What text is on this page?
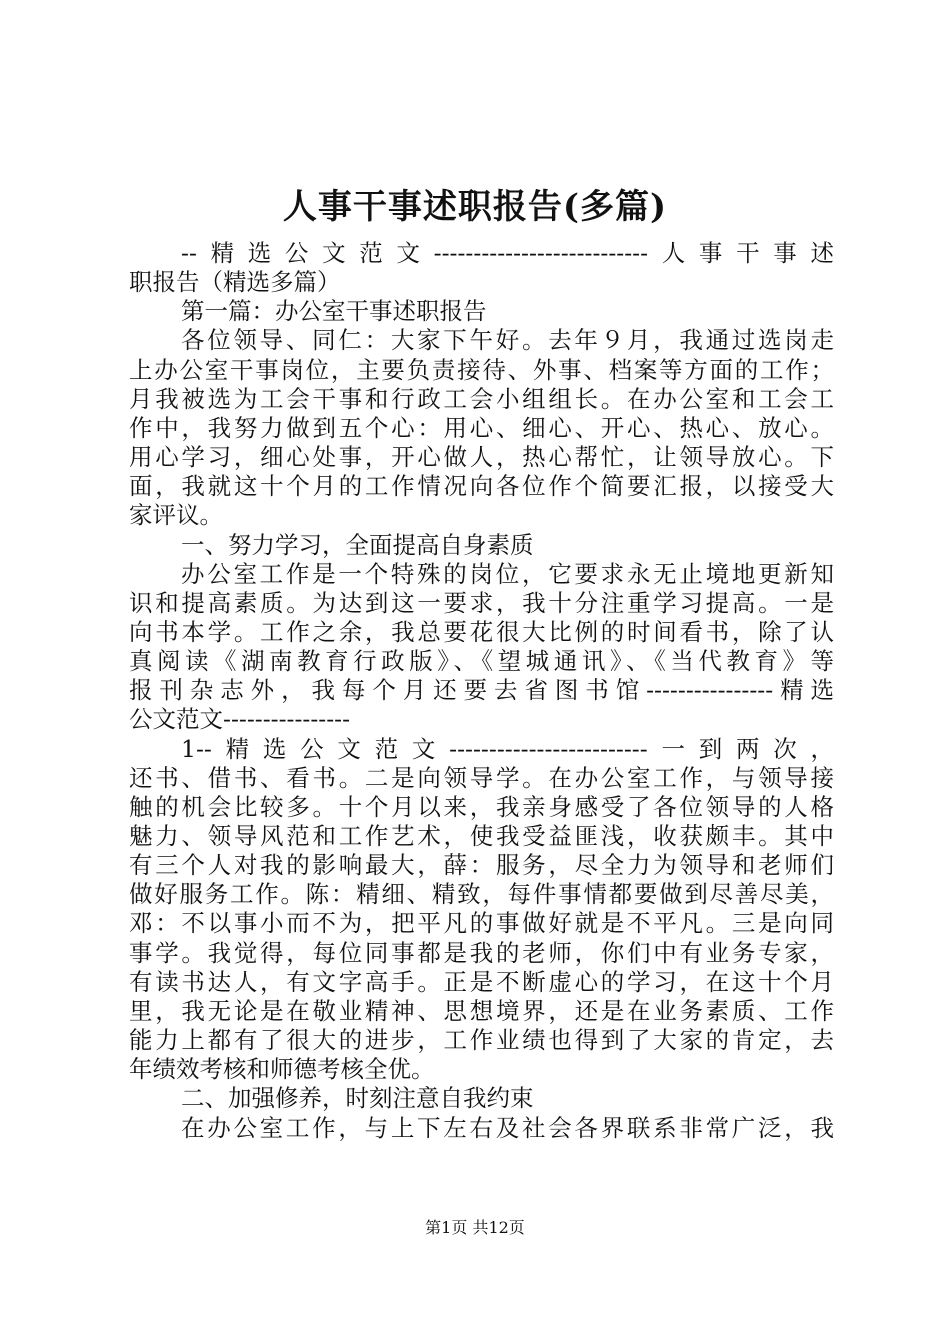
人事干事述职报告(多篇)
--精选公文范文---------------------------人事干事述
职报告（精选多篇）
第一篇：办公室干事述职报告
各位领导、同仁：大家下午好。去年９月，我通过选岗走
上办公室干事岗位，主要负责接待、外事、档案等方面的工作；
月我被选为工会干事和行政工会小组组长。在办公室和工会工
作中，我努力做到五个心：用心、细心、开心、热心、放心。
用心学习，细心处事，开心做人，热心帮忙，让领导放心。下
面，我就这十个月的工作情况向各位作个简要汇报，以接受大
家评议。
一、努力学习，全面提高自身素质
办公室工作是一个特殊的岗位，它要求永无止境地更新知
识和提高素质。为达到这一要求，我十分注重学习提高。一是
向书本学。工作之余，我总要花很大比例的时间看书，除了认
真阅读《湖南教育行政版》、《望城通讯》、《当代教育》等
报刊杂志外，我每个月还要去省图书馆----------------精选
公文范文----------------
1--精选公文范文-------------------------一到两次，
还书、借书、看书。二是向领导学。在办公室工作，与领导接
触的机会比较多。十个月以来，我亲身感受了各位领导的人格
魅力、领导风范和工作艺术，使我受益匪浅，收获颇丰。其中
有三个人对我的影响最大，薛：服务，尽全力为领导和老师们
做好服务工作。陈：精细、精致，每件事情都要做到尽善尽美，
邓：不以事小而不为，把平凡的事做好就是不平凡。三是向同
事学。我觉得，每位同事都是我的老师，你们中有业务专家，
有读书达人，有文字高手。正是不断虚心的学习，在这十个月
里，我无论是在敬业精神、思想境界，还是在业务素质、工作
能力上都有了很大的进步，工作业绩也得到了大家的肯定，去
年绩效考核和师德考核全优。
二、加强修养，时刻注意自我约束
在办公室工作，与上下左右及社会各界联系非常广泛，我
第1页 共12页
